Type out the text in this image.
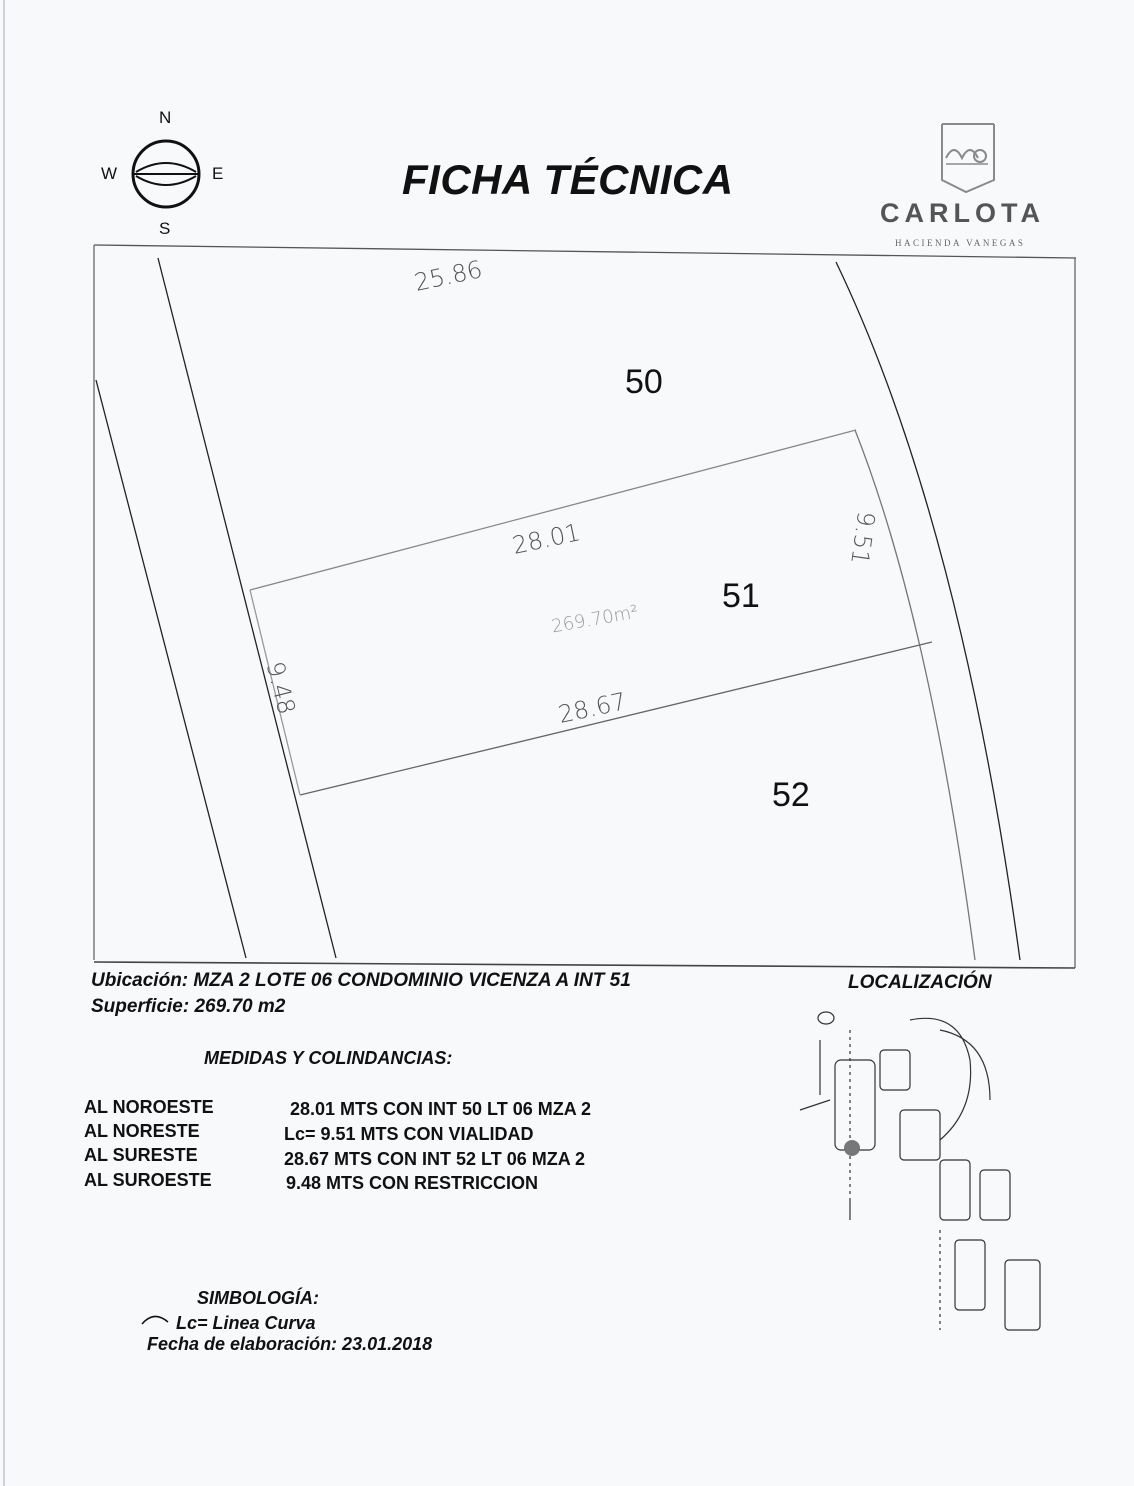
N
W	E
S
FICHA TÉCNICA
CARLOTA
HACIENDA VANEGAS
25.86
50
28.01	9.51
51
269.70m²
28.67
9.48
52
Ubicación: MZA 2 LOTE 06 CONDOMINIO VICENZA A INT 51
Superficie: 269.70 m2
LOCALIZACIÓN
MEDIDAS Y COLINDANCIAS:
AL NOROESTE	28.01 MTS CON INT 50 LT 06 MZA 2
AL NORESTE	Lc= 9.51 MTS CON VIALIDAD
AL SURESTE	28.67 MTS CON INT 52 LT 06 MZA 2
AL SUROESTE	9.48 MTS CON RESTRICCION
SIMBOLOGÍA:
Lc= Linea Curva
Fecha de elaboración: 23.01.2018
